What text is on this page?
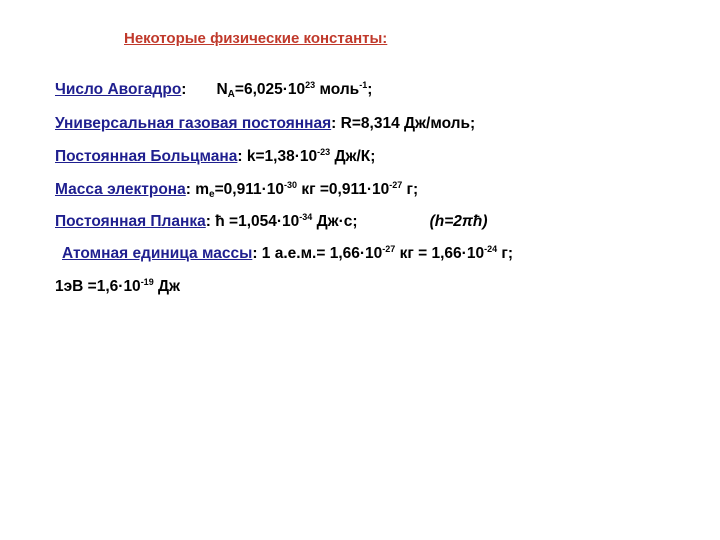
Некоторые физические константы:
Число Авогадро: $N_A=6,025\cdot 10^{23}$ моль$^{-1}$;
Универсальная газовая постоянная: R=8,314 Дж/моль;
Постоянная Больцмана: $k=1,38\cdot 10^{-23}$ Дж/К;
Масса электрона: $m_e=0,911\cdot 10^{-30}$ кг $=0,911\cdot 10^{-27}$ г;
Постоянная Планка: ħ $=1,054\cdot 10^{-34}$ Дж·с;	(h=2πħ)
Атомная единица массы: 1 $а.е.м.= 1,66\cdot 10^{-27}$ кг = $1,66\cdot 10^{-24}$ г;
$1эВ =1,6\cdot 10^{-19}$ Дж
